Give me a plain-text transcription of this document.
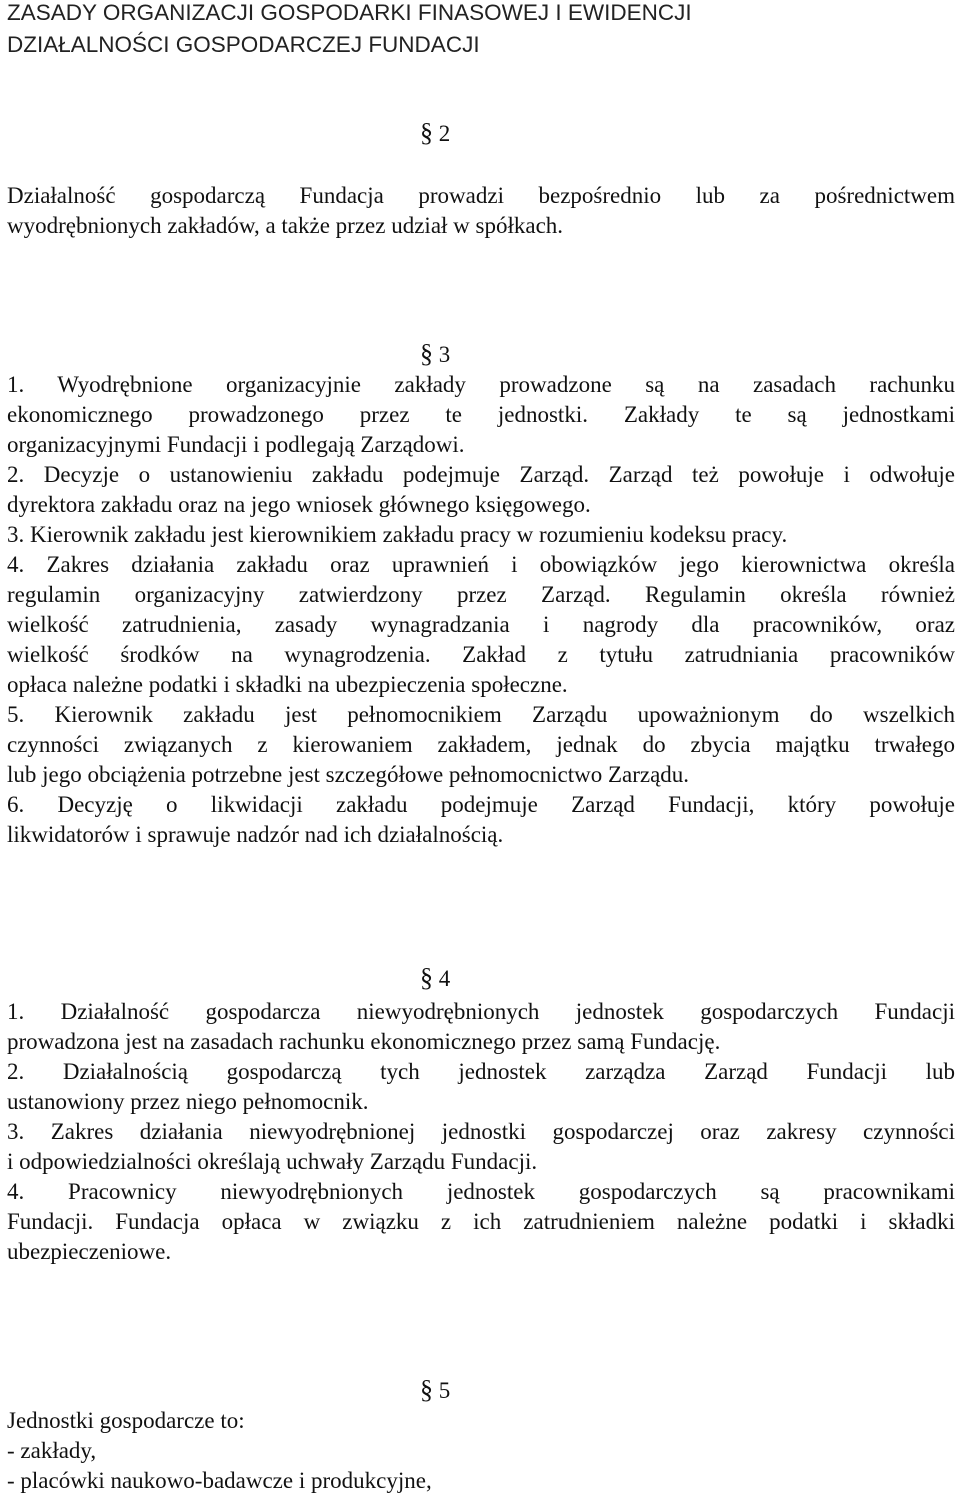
ZASADY ORGANIZACJI GOSPODARKI FINASOWEJ I EWIDENCJI
DZIAŁALNOŚCI GOSPODARCZEJ FUNDACJI
§ 2
Działalność gospodarczą Fundacja prowadzi bezpośrednio lub za pośrednictwem
wyodrębnionych zakładów, a także przez udział w spółkach.
§ 3
1. Wyodrębnione organizacyjnie zakłady prowadzone są na zasadach rachunku
ekonomicznego prowadzonego przez te jednostki. Zakłady te są jednostkami
organizacyjnymi Fundacji i podlegają Zarządowi.
2. Decyzje o ustanowieniu zakładu podejmuje Zarząd. Zarząd też powołuje i odwołuje
dyrektora zakładu oraz na jego wniosek głównego księgowego.
3. Kierownik zakładu jest kierownikiem zakładu pracy w rozumieniu kodeksu pracy.
4. Zakres działania zakładu oraz uprawnień i obowiązków jego kierownictwa określa
regulamin organizacyjny zatwierdzony przez Zarząd. Regulamin określa również
wielkość zatrudnienia, zasady wynagradzania i nagrody dla pracowników, oraz
wielkość środków na wynagrodzenia. Zakład z tytułu zatrudniania pracowników
opłaca należne podatki i składki na ubezpieczenia społeczne.
5. Kierownik zakładu jest pełnomocnikiem Zarządu upoważnionym do wszelkich
czynności związanych z kierowaniem zakładem, jednak do zbycia majątku trwałego
lub jego obciążenia potrzebne jest szczegółowe pełnomocnictwo Zarządu.
6. Decyzję o likwidacji zakładu podejmuje Zarząd Fundacji, który powołuje
likwidatorów i sprawuje nadzór nad ich działalnością.
§ 4
1. Działalność gospodarcza niewyodrębnionych jednostek gospodarczych Fundacji
prowadzona jest na zasadach rachunku ekonomicznego przez samą Fundację.
2. Działalnością gospodarczą tych jednostek zarządza Zarząd Fundacji lub
ustanowiony przez niego pełnomocnik.
3. Zakres działania niewyodrębnionej jednostki gospodarczej oraz zakresy czynności
i odpowiedzialności określają uchwały Zarządu Fundacji.
4. Pracownicy niewyodrębnionych jednostek gospodarczych są pracownikami
Fundacji. Fundacja opłaca w związku z ich zatrudnieniem należne podatki i składki
ubezpieczeniowe.
§ 5
Jednostki gospodarcze to:
- zakłady,
- placówki naukowo-badawcze i produkcyjne,
